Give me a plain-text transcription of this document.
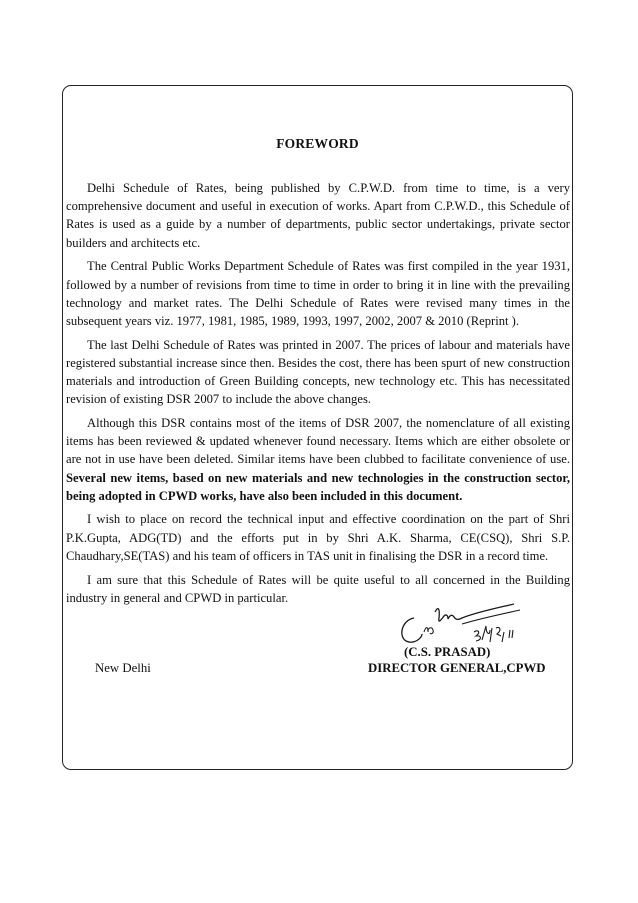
FOREWORD

Delhi Schedule of Rates, being published by C.P.W.D. from time to time, is a very comprehensive document and useful in execution of works. Apart from C.P.W.D., this Schedule of Rates is used as a guide by a number of departments, public sector undertakings, private sector builders and architects etc.

The Central Public Works Department Schedule of Rates was first compiled in the year 1931, followed by a number of revisions from time to time in order to bring it in line with the prevailing technology and market rates. The Delhi Schedule of Rates were revised many times in the subsequent years viz. 1977, 1981, 1985, 1989, 1993, 1997, 2002, 2007 & 2010 (Reprint ).

The last Delhi Schedule of Rates was printed in 2007. The prices of labour and materials have registered substantial increase since then. Besides the cost, there has been spurt of new construction materials and introduction of Green Building concepts, new technology etc. This has necessitated revision of existing DSR 2007 to include the above changes.

Although this DSR contains most of the items of DSR 2007, the nomenclature of all existing items has been reviewed & updated whenever found necessary. Items which are either obsolete or are not in use have been deleted. Similar items have been clubbed to facilitate convenience of use. Several new items, based on new materials and new technologies in the construction sector, being adopted in CPWD works, have also been included in this document.

I wish to place on record the technical input and effective coordination on the part of Shri P.K.Gupta, ADG(TD) and the efforts put in by Shri A.K. Sharma, CE(CSQ), Shri S.P. Chaudhary,SE(TAS) and his team of officers in TAS unit in finalising the DSR in a record time.

I am sure that this Schedule of Rates will be quite useful to all concerned in the Building industry in general and CPWD in particular.

(C.S. PRASAD)
New Delhi	DIRECTOR GENERAL,CPWD
